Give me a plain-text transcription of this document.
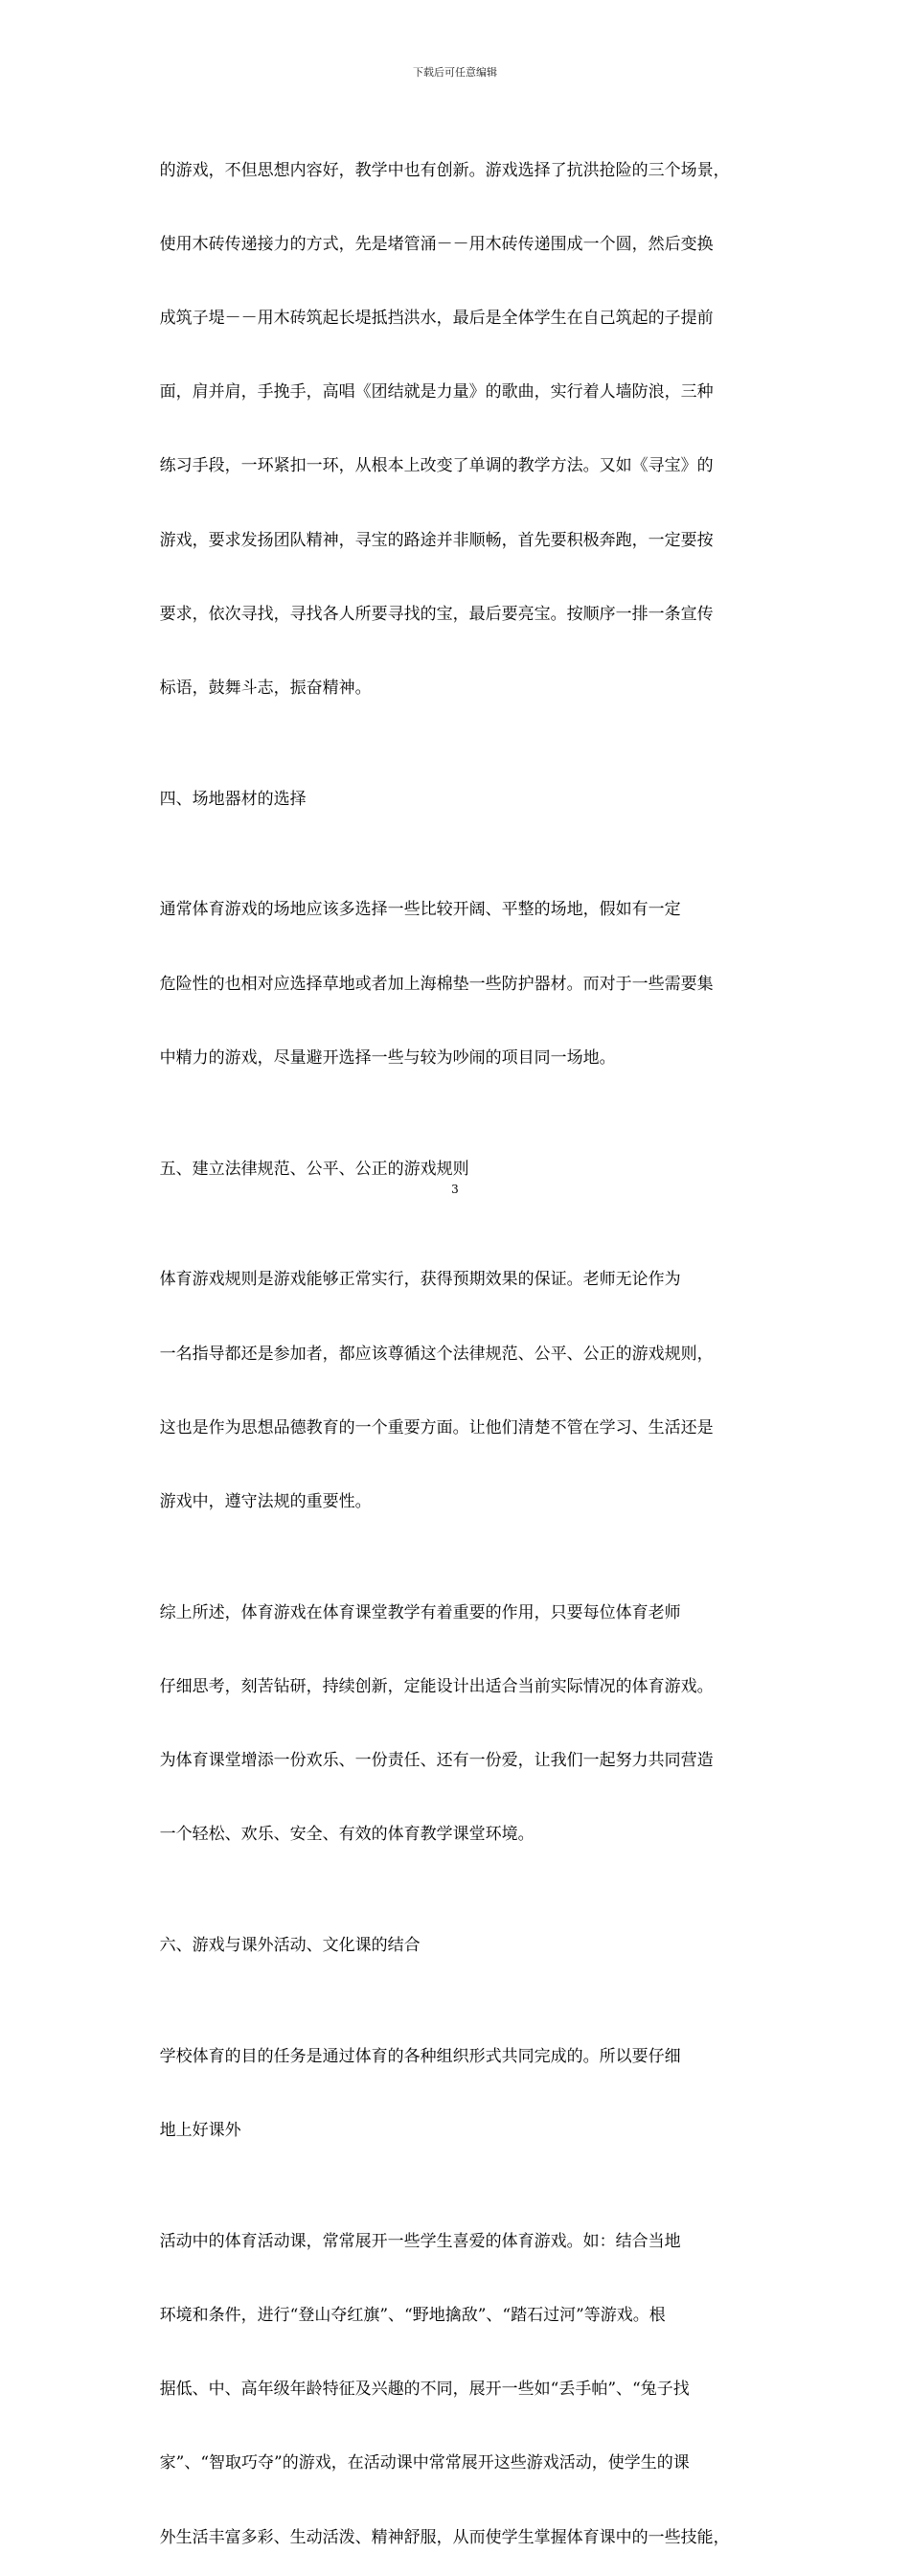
下载后可任意编辑

的游戏，不但思想内容好，教学中也有创新。游戏选择了抗洪抢险的三个场景，

使用木砖传递接力的方式，先是堵管涌－－用木砖传递围成一个圆，然后变换

成筑子堤－－用木砖筑起长堤抵挡洪水，最后是全体学生在自己筑起的子提前

面，肩并肩，手挽手，高唱《团结就是力量》的歌曲，实行着人墙防浪，三种

练习手段，一环紧扣一环，从根本上改变了单调的教学方法。又如《寻宝》的

游戏，要求发扬团队精神，寻宝的路途并非顺畅，首先要积极奔跑，一定要按

要求，依次寻找，寻找各人所要寻找的宝，最后要亮宝。按顺序一排一条宣传

标语，鼓舞斗志，振奋精神。

四、场地器材的选择

通常体育游戏的场地应该多选择一些比较开阔、平整的场地，假如有一定

危险性的也相对应选择草地或者加上海棉垫一些防护器材。而对于一些需要集

中精力的游戏，尽量避开选择一些与较为吵闹的项目同一场地。

五、建立法律规范、公平、公正的游戏规则

体育游戏规则是游戏能够正常实行，获得预期效果的保证。老师无论作为

一名指导都还是参加者，都应该尊循这个法律规范、公平、公正的游戏规则，

这也是作为思想品德教育的一个重要方面。让他们清楚不管在学习、生活还是

游戏中，遵守法规的重要性。

综上所述，体育游戏在体育课堂教学有着重要的作用，只要每位体育老师

仔细思考，刻苦钻研，持续创新，定能设计出适合当前实际情况的体育游戏。

为体育课堂增添一份欢乐、一份责任、还有一份爱，让我们一起努力共同营造

一个轻松、欢乐、安全、有效的体育教学课堂环境。

六、游戏与课外活动、文化课的结合

学校体育的目的任务是通过体育的各种组织形式共同完成的。所以要仔细

地上好课外

活动中的体育活动课，常常展开一些学生喜爱的体育游戏。如：结合当地

环境和条件，进行“登山夺红旗”、“野地擒敌”、“踏石过河”等游戏。根

据低、中、高年级年龄特征及兴趣的不同，展开一些如“丢手帕”、“兔子找

家”、“智取巧夺”的游戏，在活动课中常常展开这些游戏活动，使学生的课

外生活丰富多彩、生动活泼、精神舒服，从而使学生掌握体育课中的一些技能，

3
